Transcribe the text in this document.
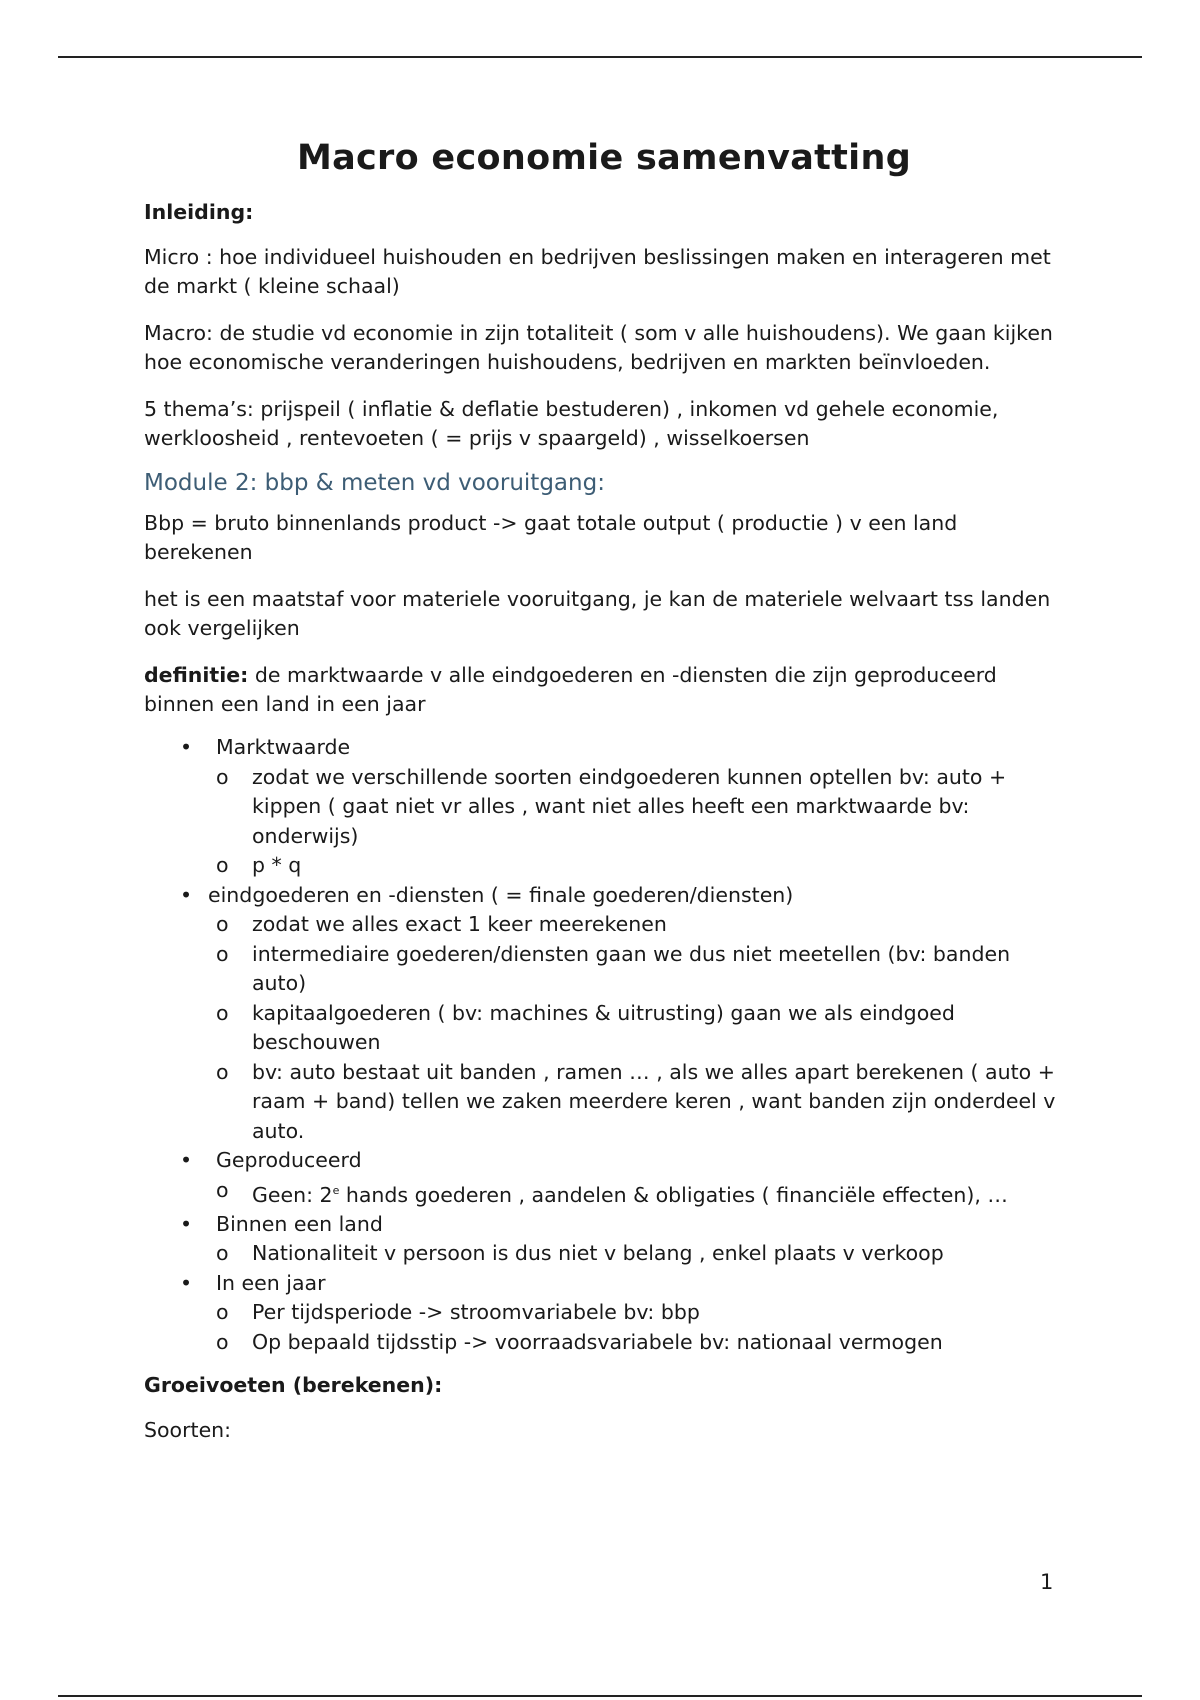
Macro economie samenvatting

Inleiding:

Micro : hoe individueel huishouden en bedrijven beslissingen maken en interageren met de markt ( kleine schaal)

Macro: de studie vd economie in zijn totaliteit ( som v alle huishoudens). We gaan kijken hoe economische veranderingen huishoudens, bedrijven en markten beïnvloeden.

5 thema’s: prijspeil ( inflatie & deflatie bestuderen) , inkomen vd gehele economie, werkloosheid , rentevoeten ( = prijs v spaargeld) , wisselkoersen

Module 2: bbp & meten vd vooruitgang:

Bbp = bruto binnenlands product -> gaat totale output ( productie ) v een land berekenen

het is een maatstaf voor materiele vooruitgang, je kan de materiele welvaart tss landen ook vergelijken

definitie: de marktwaarde v alle eindgoederen en -diensten die zijn geproduceerd binnen een land in een jaar

• Marktwaarde
o zodat we verschillende soorten eindgoederen kunnen optellen bv: auto + kippen ( gaat niet vr alles , want niet alles heeft een marktwaarde bv: onderwijs)
o p * q
• eindgoederen en -diensten ( = finale goederen/diensten)
o zodat we alles exact 1 keer meerekenen
o intermediaire goederen/diensten gaan we dus niet meetellen (bv: banden auto)
o kapitaalgoederen ( bv: machines & uitrusting) gaan we als eindgoed beschouwen
o bv: auto bestaat uit banden , ramen … , als we alles apart berekenen ( auto + raam + band) tellen we zaken meerdere keren , want banden zijn onderdeel v auto.
• Geproduceerd
o Geen: 2e hands goederen , aandelen & obligaties ( financiële effecten), …
• Binnen een land
o Nationaliteit v persoon is dus niet v belang , enkel plaats v verkoop
• In een jaar
o Per tijdsperiode -> stroomvariabele bv: bbp
o Op bepaald tijdsstip -> voorraadsvariabele bv: nationaal vermogen

Groeivoeten (berekenen):

Soorten:

1
